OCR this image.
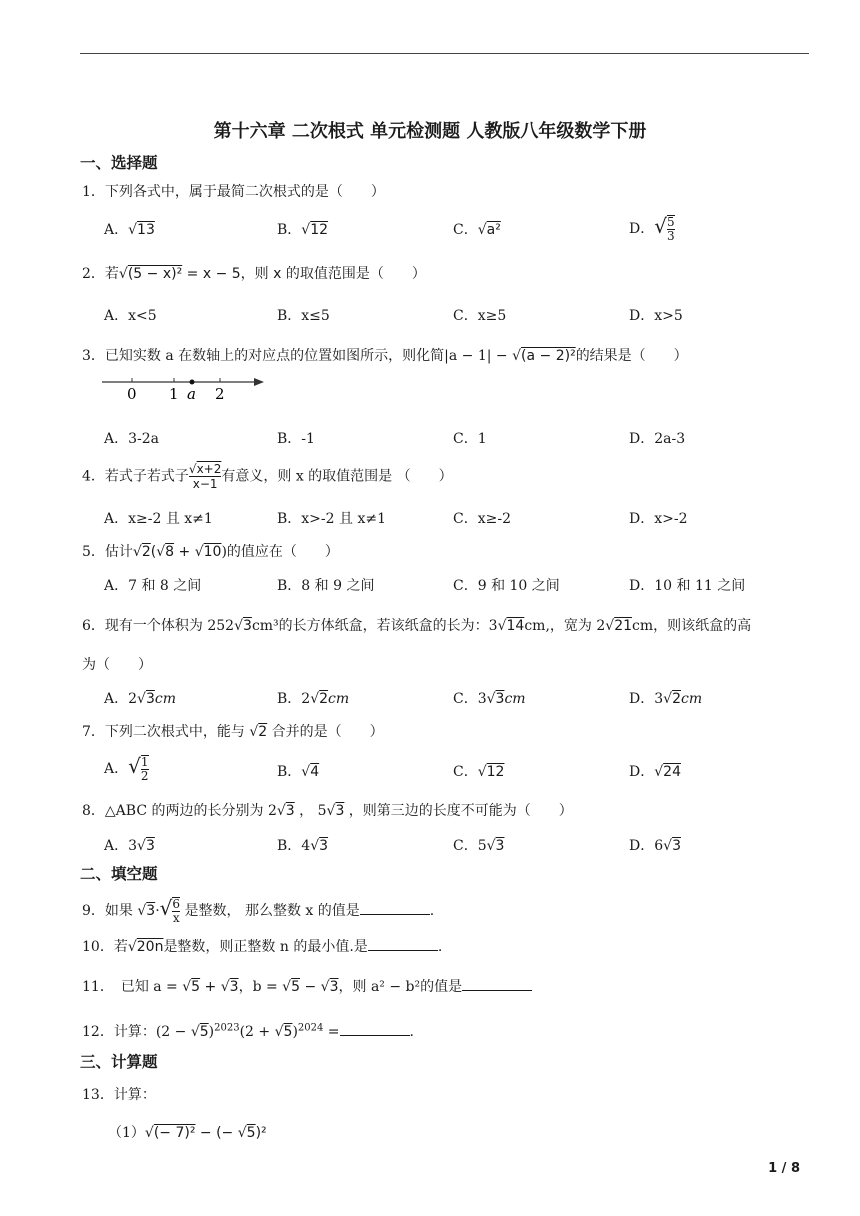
第十六章 二次根式 单元检测题 人教版八年级数学下册
一、选择题
1．下列各式中，属于最简二次根式的是（　　）
A．√13	B．√12	C．√a²	D．√ $\frac{5}{3}$
2．若√(5 − x)² = x − 5，则 x 的取值范围是（　　）
A．x<5	B．x≤5	C．x≥5	D．x>5
3．已知实数 a 在数轴上的对应点的位置如图所示，则化简|a − 1| − √(a − 2)²的结果是（　　）
0 1 a 2
A．3-2a	B．-1	C．1	D．2a-3
4．若式子若式子 $\frac{√x+2}{x-1}$ 有意义，则 x 的取值范围是 （　　）
A．x≥-2 且 x≠1	B．x>-2 且 x≠1	C．x≥-2	D．x>-2
5．估计√2(√8 + √10)的值应在（　　）
A．7 和 8 之间	B．8 和 9 之间	C．9 和 10 之间	D．10 和 11 之间
6．现有一个体积为 252√3cm³的长方体纸盒，若该纸盒的长为：3√14cm,，宽为 2√21cm，则该纸盒的高
为（　　）
A．2√3cm	B．2√2cm	C．3√3cm	D．3√2cm
7．下列二次根式中，能与 √2 合并的是（　　）
A．√ $\frac{1}{2}$	B．√4	C．√12	D．√24
8．△ABC 的两边的长分别为 2√3 ， 5√3 ，则第三边的长度不可能为（　　）
A．3√3	B．4√3	C．5√3	D．6√3
二、填空题
9．如果 $√3\cdot√ \frac{6}{x}$ 是整数， 那么整数 x 的值是	.
10．若√20n是整数，则正整数 n 的最小值.是	.
11．　已知 a = √5 + √3，b = √5 − √3，则 a² − b²的值是
12．计算：$(2 - √5)^{2023}(2 + √5)^{2024}$ =	.
三、计算题
13．计算：
（1）√(− 7)² − (− √5)²
1 / 8
